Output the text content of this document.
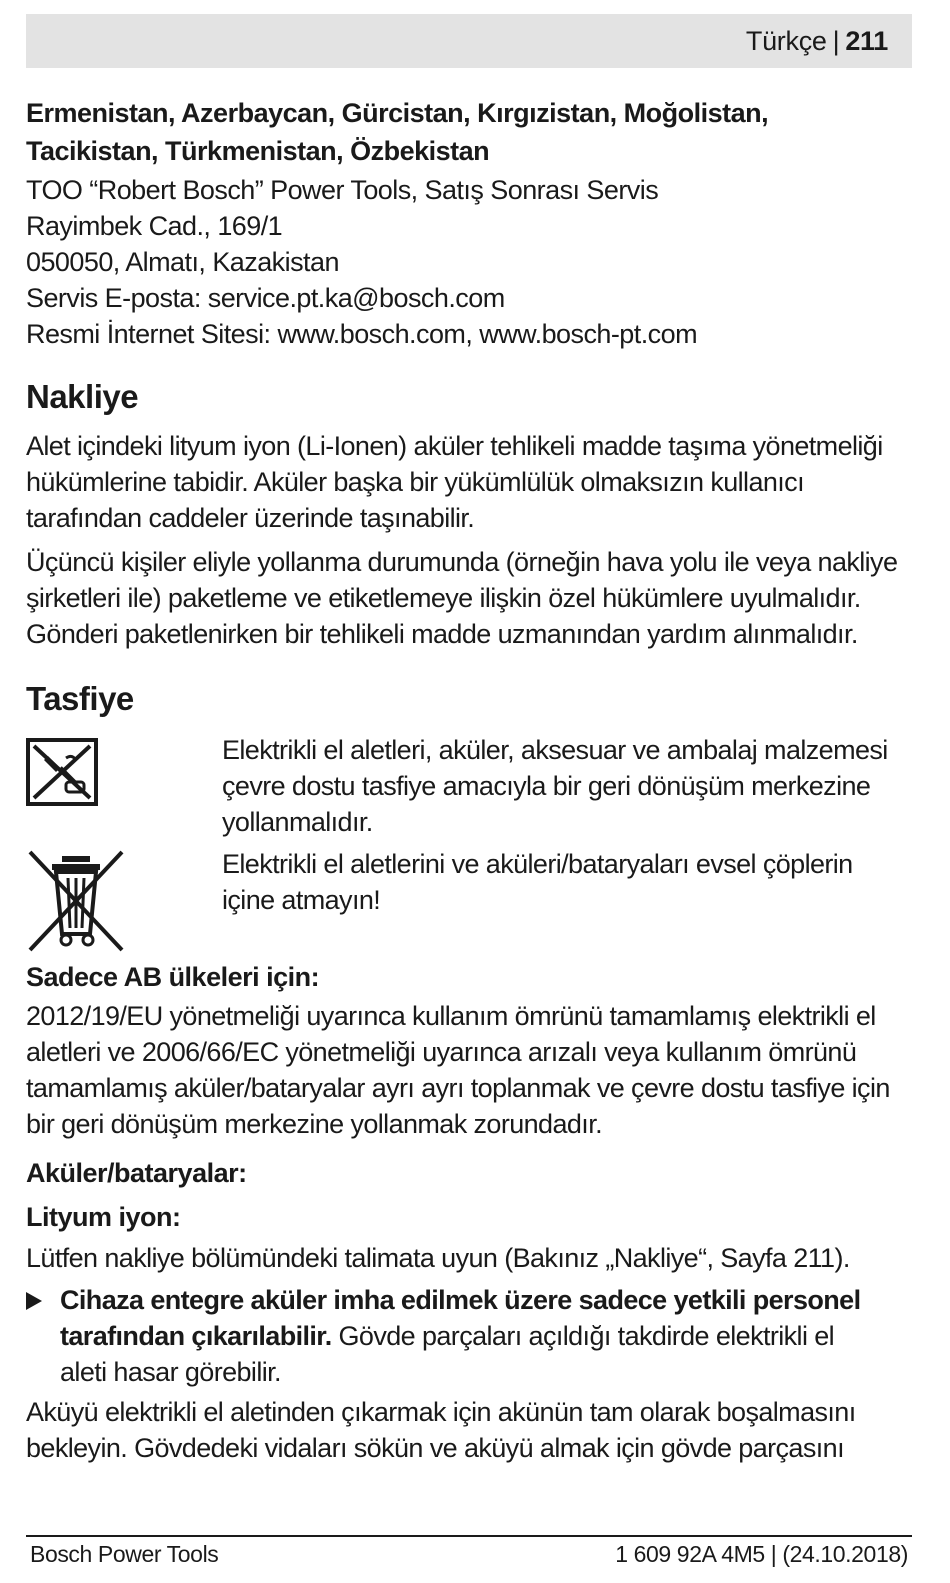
Türkçe | 211
Ermenistan, Azerbaycan, Gürcistan, Kırgızistan, Moğolistan,
Tacikistan, Türkmenistan, Özbekistan
TOO “Robert Bosch” Power Tools, Satış Sonrası Servis
Rayimbek Cad., 169/1
050050, Almatı, Kazakistan
Servis E-posta: service.pt.ka@bosch.com
Resmi İnternet Sitesi: www.bosch.com, www.bosch-pt.com
Nakliye
Alet içindeki lityum iyon (Li-Ionen) aküler tehlikeli madde taşıma yönetmeliği
hükümlerine tabidir. Aküler başka bir yükümlülük olmaksızın kullanıcı
tarafından caddeler üzerinde taşınabilir.
Üçüncü kişiler eliyle yollanma durumunda (örneğin hava yolu ile veya nakliye
şirketleri ile) paketleme ve etiketlemeye ilişkin özel hükümlere uyulmalıdır.
Gönderi paketlenirken bir tehlikeli madde uzmanından yardım alınmalıdır.
Tasfiye
Elektrikli el aletleri, aküler, aksesuar ve ambalaj malzemesi
çevre dostu tasfiye amacıyla bir geri dönüşüm merkezine
yollanmalıdır.
Elektrikli el aletlerini ve aküleri/bataryaları evsel çöplerin
içine atmayın!
Sadece AB ülkeleri için:
2012/19/EU yönetmeliği uyarınca kullanım ömrünü tamamlamış elektrikli el
aletleri ve 2006/66/EC yönetmeliği uyarınca arızalı veya kullanım ömrünü
tamamlamış aküler/bataryalar ayrı ayrı toplanmak ve çevre dostu tasfiye için
bir geri dönüşüm merkezine yollanmak zorundadır.
Aküler/bataryalar:
Lityum iyon:
Lütfen nakliye bölümündeki talimata uyun (Bakınız „Nakliye“, Sayfa 211).
Cihaza entegre aküler imha edilmek üzere sadece yetkili personel
tarafından çıkarılabilir. Gövde parçaları açıldığı takdirde elektrikli el
aleti hasar görebilir.
Aküyü elektrikli el aletinden çıkarmak için akünün tam olarak boşalmasını
bekleyin. Gövdedeki vidaları sökün ve aküyü almak için gövde parçasını
Bosch Power Tools	1 609 92A 4M5 | (24.10.2018)
